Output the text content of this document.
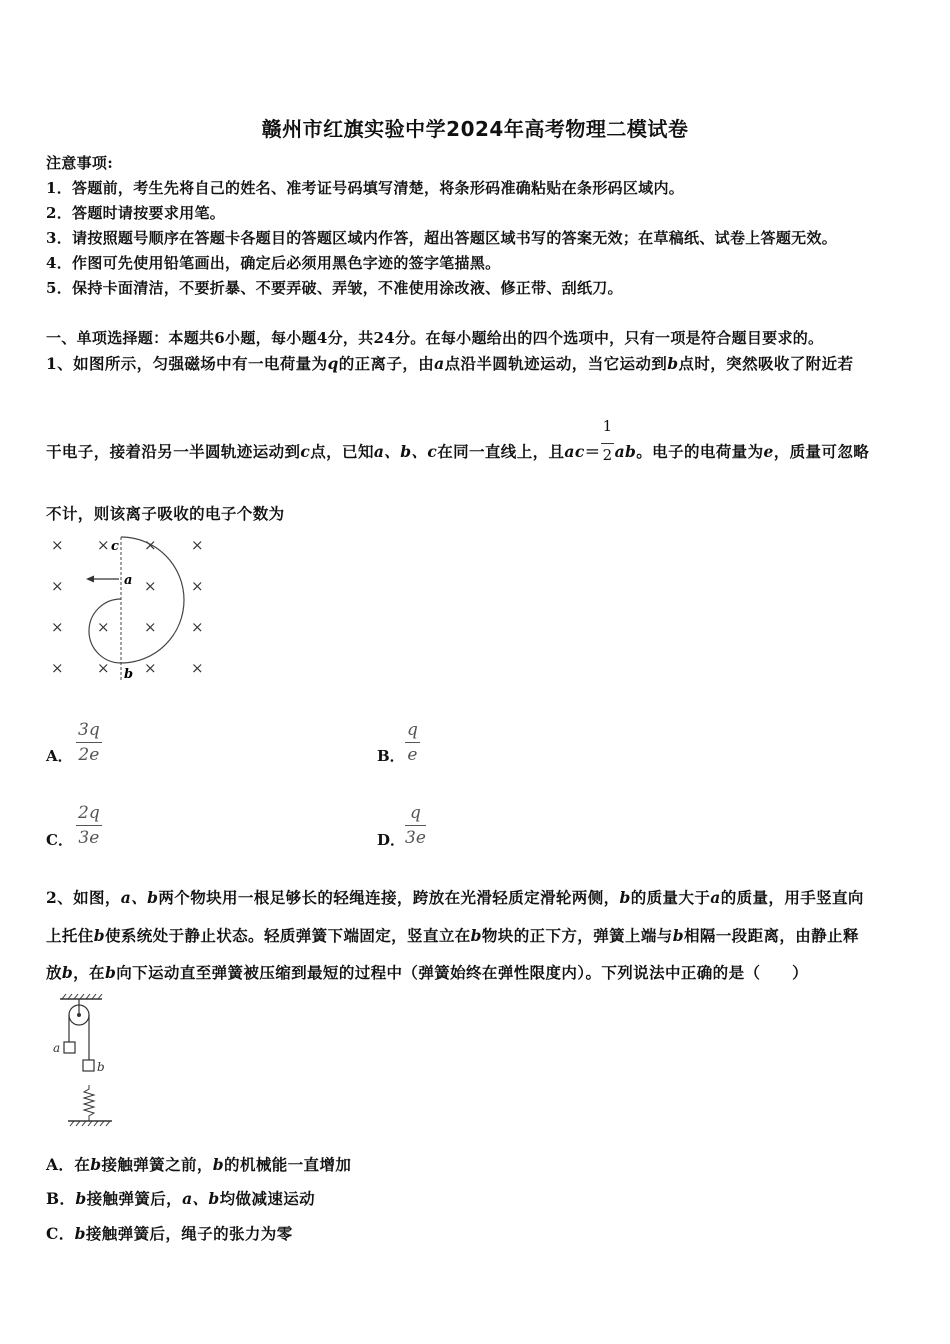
赣州市红旗实验中学2024年高考物理二模试卷
注意事项:
1．答题前，考生先将自己的姓名、准考证号码填写清楚，将条形码准确粘贴在条形码区域内。
2．答题时请按要求用笔。
3．请按照题号顺序在答题卡各题目的答题区域内作答，超出答题区域书写的答案无效；在草稿纸、试卷上答题无效。
4．作图可先使用铅笔画出，确定后必须用黑色字迹的签字笔描黑。
5．保持卡面清洁，不要折暴、不要弄破、弄皱，不准使用涂改液、修正带、刮纸刀。
一、单项选择题：本题共6小题，每小题4分，共24分。在每小题给出的四个选项中，只有一项是符合题目要求的。
1、如图所示，匀强磁场中有一电荷量为q的正离子，由a点沿半圆轨迹运动，当它运动到b点时，突然吸收了附近若
干电子，接着沿另一半圆轨迹运动到c点，已知a、b、c在同一直线上，且$ac= \frac{1}{2}$ ab。电子的电荷量为e，质量可忽略
不计，则该离子吸收的电子个数为
× × × ×
×	× ×
× × × ×
× × × ×
a
b
c
A．
3q
2e	B．
q
e
C．
2q
3e	D．
q
3e
2、如图，a、b两个物块用一根足够长的轻绳连接，跨放在光滑轻质定滑轮两侧，b的质量大于a的质量，用手竖直向
上托住b使系统处于静止状态。轻质弹簧下端固定，竖直立在b物块的正下方，弹簧上端与b相隔一段距离，由静止释
放b，在b向下运动直至弹簧被压缩到最短的过程中（弹簧始终在弹性限度内）。下列说法中正确的是（　　）
a
b
A．在b接触弹簧之前，b的机械能一直增加
B．b接触弹簧后，a、b均做减速运动
C．b接触弹簧后，绳子的张力为零
